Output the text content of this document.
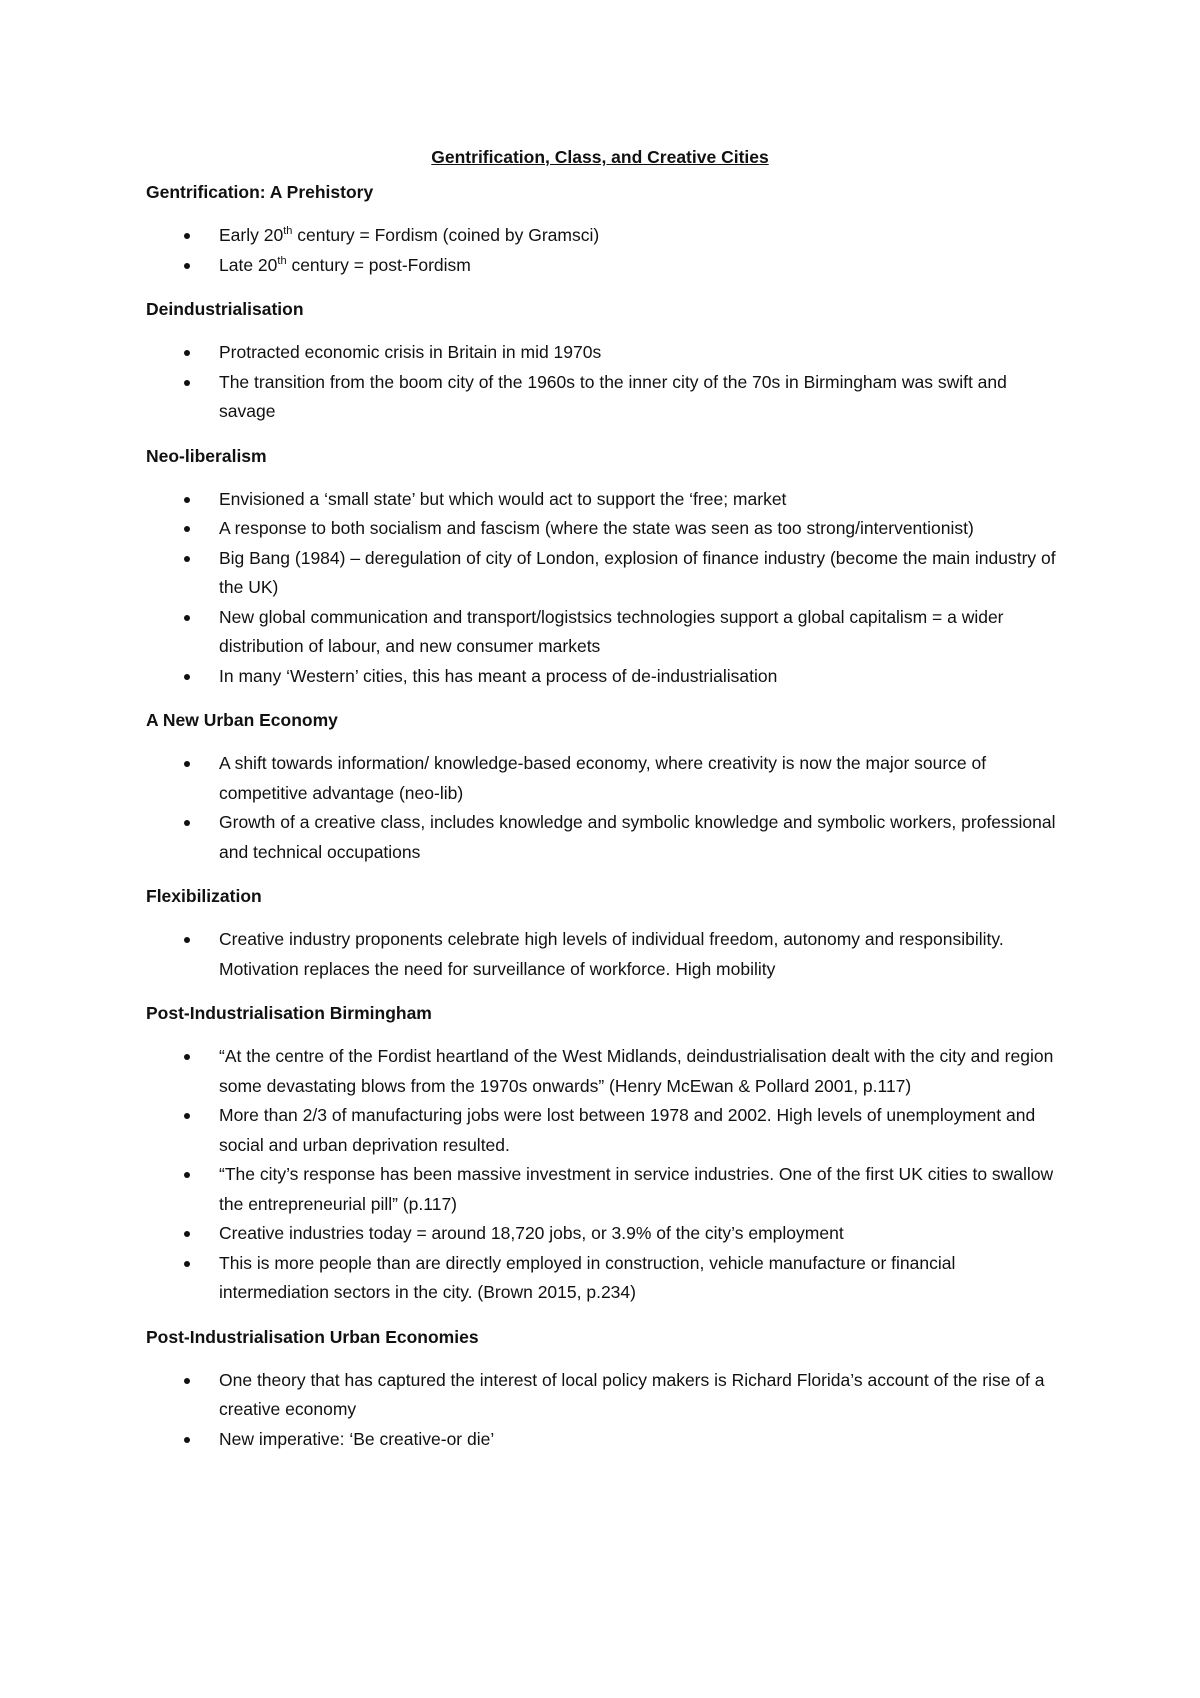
Gentrification, Class, and Creative Cities
Gentrification: A Prehistory
Early 20th century = Fordism (coined by Gramsci)
Late 20th century = post-Fordism
Deindustrialisation
Protracted economic crisis in Britain in mid 1970s
The transition from the boom city of the 1960s to the inner city of the 70s in Birmingham was swift and savage
Neo-liberalism
Envisioned a ‘small state’ but which would act to support the ‘free; market
A response to both socialism and fascism (where the state was seen as too strong/interventionist)
Big Bang (1984) – deregulation of city of London, explosion of finance industry (become the main industry of the UK)
New global communication and transport/logistsics technologies support a global capitalism = a wider distribution of labour, and new consumer markets
In many ‘Western’ cities, this has meant a process of de-industrialisation
A New Urban Economy
A shift towards information/ knowledge-based economy, where creativity is now the major source of competitive advantage (neo-lib)
Growth of a creative class, includes knowledge and symbolic knowledge and symbolic workers, professional and technical occupations
Flexibilization
Creative industry proponents celebrate high levels of individual freedom, autonomy and responsibility. Motivation replaces the need for surveillance of workforce. High mobility
Post-Industrialisation Birmingham
“At the centre of the Fordist heartland of the West Midlands, deindustrialisation dealt with the city and region some devastating blows from the 1970s onwards” (Henry McEwan & Pollard 2001, p.117)
More than 2/3 of manufacturing jobs were lost between 1978 and 2002. High levels of unemployment and social and urban deprivation resulted.
“The city’s response has been massive investment in service industries. One of the first UK cities to swallow the entrepreneurial pill” (p.117)
Creative industries today = around 18,720 jobs, or 3.9% of the city’s employment
This is more people than are directly employed in construction, vehicle manufacture or financial intermediation sectors in the city. (Brown 2015, p.234)
Post-Industrialisation Urban Economies
One theory that has captured the interest of local policy makers is Richard Florida’s account of the rise of a creative economy
New imperative: ‘Be creative-or die’
